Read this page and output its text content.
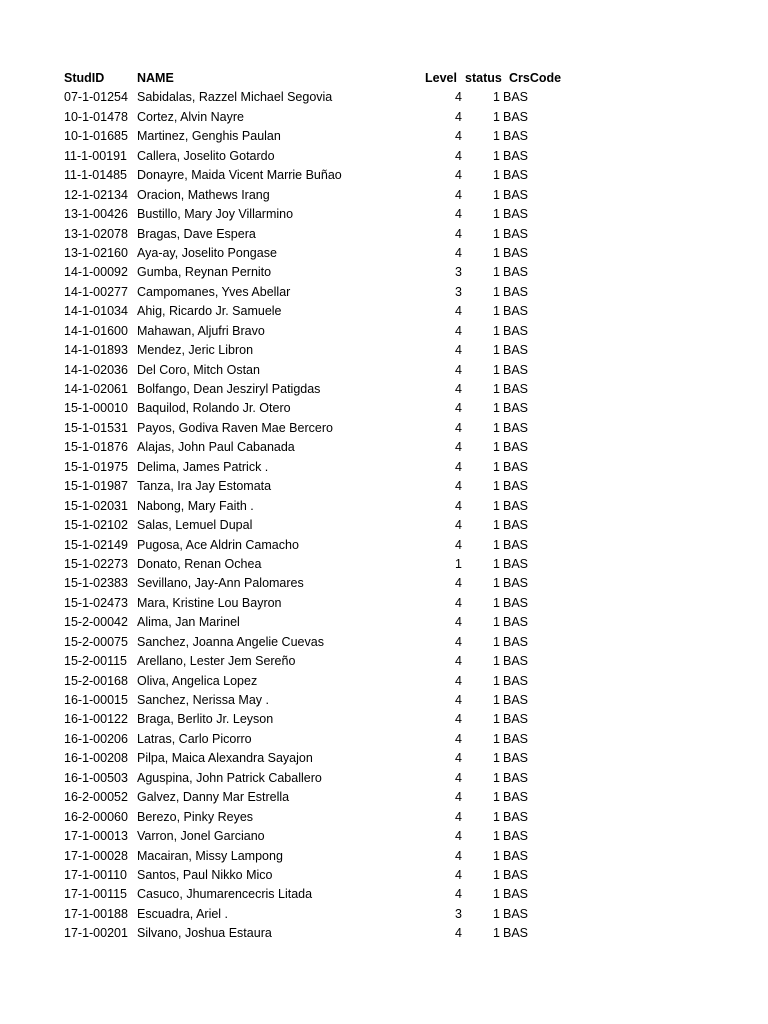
StudID	NAME	Level status CrsCode
07-1-01254 Sabidalas, Razzel Michael Segovia	4 1 BAS
10-1-01478 Cortez, Alvin Nayre	4 1 BAS
10-1-01685 Martinez, Genghis Paulan	4 1 BAS
11-1-00191 Callera, Joselito Gotardo	4 1 BAS
11-1-01485 Donayre, Maida Vicent Marrie Buñao	4 1 BAS
12-1-02134 Oracion, Mathews Irang	4 1 BAS
13-1-00426 Bustillo, Mary Joy Villarmino	4 1 BAS
13-1-02078 Bragas, Dave Espera	4 1 BAS
13-1-02160 Aya-ay, Joselito Pongase	4 1 BAS
14-1-00092 Gumba, Reynan Pernito	3 1 BAS
14-1-00277 Campomanes, Yves Abellar	3 1 BAS
14-1-01034 Ahig, Ricardo Jr. Samuele	4 1 BAS
14-1-01600 Mahawan, Aljufri Bravo	4 1 BAS
14-1-01893 Mendez, Jeric Libron	4 1 BAS
14-1-02036 Del Coro, Mitch Ostan	4 1 BAS
14-1-02061 Bolfango, Dean Jesziryl Patigdas	4 1 BAS
15-1-00010 Baquilod, Rolando Jr. Otero	4 1 BAS
15-1-01531 Payos, Godiva Raven Mae Bercero	4 1 BAS
15-1-01876 Alajas, John Paul Cabanada	4 1 BAS
15-1-01975 Delima, James Patrick .	4 1 BAS
15-1-01987 Tanza, Ira Jay Estomata	4 1 BAS
15-1-02031 Nabong, Mary Faith .	4 1 BAS
15-1-02102 Salas, Lemuel Dupal	4 1 BAS
15-1-02149 Pugosa, Ace Aldrin Camacho	4 1 BAS
15-1-02273 Donato, Renan Ochea	1 1 BAS
15-1-02383 Sevillano, Jay-Ann Palomares	4 1 BAS
15-1-02473 Mara, Kristine Lou Bayron	4 1 BAS
15-2-00042 Alima, Jan Marinel	4 1 BAS
15-2-00075 Sanchez, Joanna Angelie Cuevas	4 1 BAS
15-2-00115 Arellano, Lester Jem Sereño	4 1 BAS
15-2-00168 Oliva, Angelica Lopez	4 1 BAS
16-1-00015 Sanchez, Nerissa May .	4 1 BAS
16-1-00122 Braga, Berlito Jr. Leyson	4 1 BAS
16-1-00206 Latras, Carlo Picorro	4 1 BAS
16-1-00208 Pilpa, Maica Alexandra Sayajon	4 1 BAS
16-1-00503 Aguspina, John Patrick Caballero	4 1 BAS
16-2-00052 Galvez, Danny Mar Estrella	4 1 BAS
16-2-00060 Berezo, Pinky Reyes	4 1 BAS
17-1-00013 Varron, Jonel Garciano	4 1 BAS
17-1-00028 Macairan, Missy Lampong	4 1 BAS
17-1-00110 Santos, Paul Nikko Mico	4 1 BAS
17-1-00115 Casuco, Jhumarencecris Litada	4 1 BAS
17-1-00188 Escuadra, Ariel .	3 1 BAS
17-1-00201 Silvano, Joshua Estaura	4 1 BAS
